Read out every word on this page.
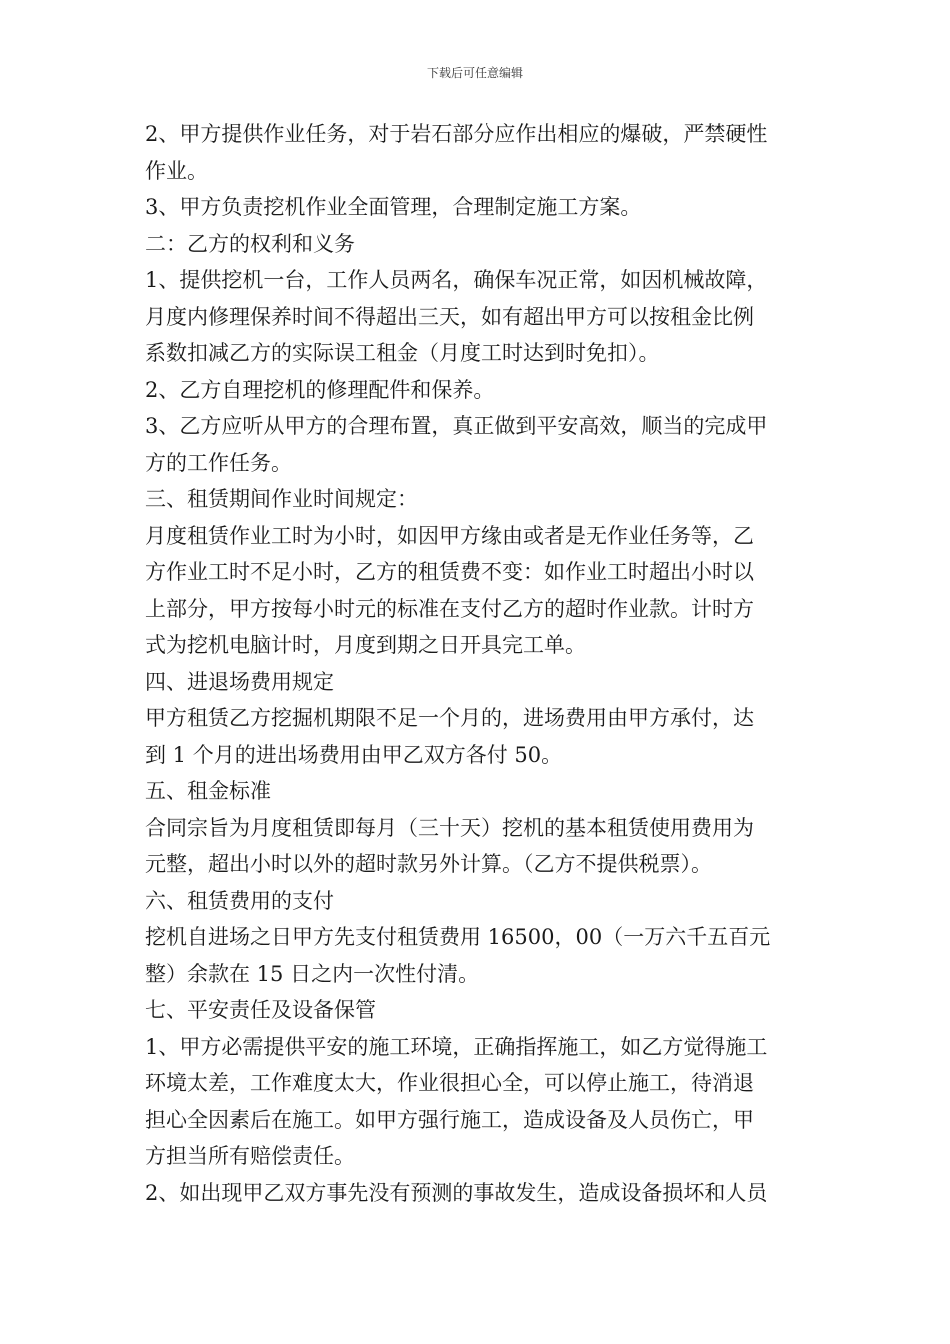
下载后可任意编辑
2、甲方提供作业任务，对于岩石部分应作出相应的爆破，严禁硬性
作业。
3、甲方负责挖机作业全面管理，合理制定施工方案。
二：乙方的权利和义务
1、提供挖机一台，工作人员两名，确保车况正常，如因机械故障，
月度内修理保养时间不得超出三天，如有超出甲方可以按租金比例
系数扣减乙方的实际误工租金（月度工时达到时免扣）。
2、乙方自理挖机的修理配件和保养。
3、乙方应听从甲方的合理布置，真正做到平安高效，顺当的完成甲
方的工作任务。
三、租赁期间作业时间规定：
月度租赁作业工时为小时，如因甲方缘由或者是无作业任务等，乙
方作业工时不足小时，乙方的租赁费不变：如作业工时超出小时以
上部分，甲方按每小时元的标准在支付乙方的超时作业款。计时方
式为挖机电脑计时，月度到期之日开具完工单。
四、进退场费用规定
甲方租赁乙方挖掘机期限不足一个月的，进场费用由甲方承付，达
到 1 个月的进出场费用由甲乙双方各付 50。
五、租金标准
合同宗旨为月度租赁即每月（三十天）挖机的基本租赁使用费用为
元整，超出小时以外的超时款另外计算。（乙方不提供税票）。
六、租赁费用的支付
挖机自进场之日甲方先支付租赁费用 16500，00（一万六千五百元
整）余款在 15 日之内一次性付清。
七、平安责任及设备保管
1、甲方必需提供平安的施工环境，正确指挥施工，如乙方觉得施工
环境太差，工作难度太大，作业很担心全，可以停止施工，待消退
担心全因素后在施工。如甲方强行施工，造成设备及人员伤亡，甲
方担当所有赔偿责任。
2、如出现甲乙双方事先没有预测的事故发生，造成设备损坏和人员
